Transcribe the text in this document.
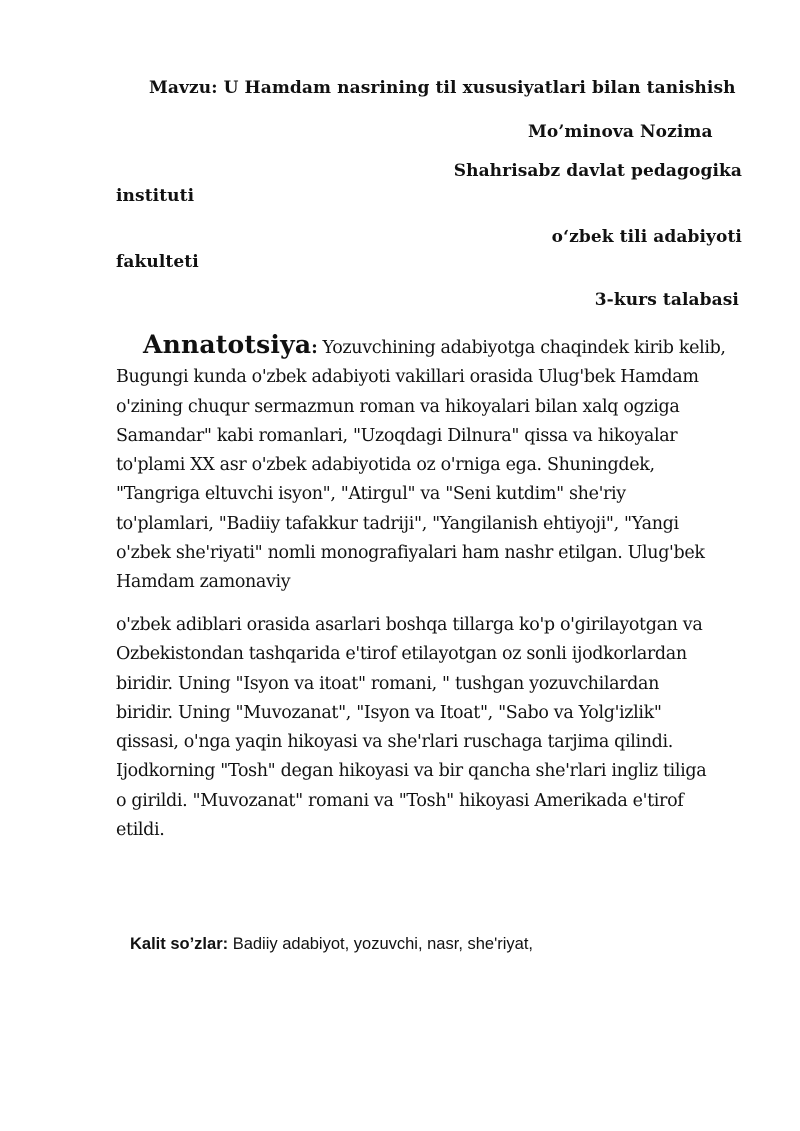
Mavzu: U Hamdam nasrining til xususiyatlari bilan tanishish
Mo’minova Nozima
Shahrisabz davlat pedagogika
instituti
o‘zbek tili adabiyoti
fakulteti
3-kurs talabasi
Annatotsiya: Yozuvchining adabiyotga chaqindek kirib kelib,
Bugungi kunda o'zbek adabiyoti vakillari orasida Ulug'bek Hamdam
o'zining chuqur sermazmun roman va hikoyalari bilan xalq ogziga
Samandar" kabi romanlari, "Uzoqdagi Dilnura" qissa va hikoyalar
to'plami XX asr o'zbek adabiyotida oz o'rniga ega. Shuningdek,
"Tangriga eltuvchi isyon", "Atirgul" va "Seni kutdim" she'riy
to'plamlari, "Badiiy tafakkur tadriji", "Yangilanish ehtiyoji", "Yangi
o'zbek she'riyati" nomli monografiyalari ham nashr etilgan. Ulug'bek
Hamdam zamonaviy
o'zbek adiblari orasida asarlari boshqa tillarga ko'p o'girilayotgan va
Ozbekistondan tashqarida e'tirof etilayotgan oz sonli ijodkorlardan
biridir. Uning "Isyon va itoat" romani, " tushgan yozuvchilardan
biridir. Uning "Muvozanat", "Isyon va Itoat", "Sabo va Yolg'izlik"
qissasi, o'nga yaqin hikoyasi va she'rlari ruschaga tarjima qilindi.
Ijodkorning "Tosh" degan hikoyasi va bir qancha she'rlari ingliz tiliga
o girildi. "Muvozanat" romani va "Tosh" hikoyasi Amerikada e'tirof
etildi.
Kalit so’zlar: Badiiy adabiyot, yozuvchi, nasr, she'riyat,
